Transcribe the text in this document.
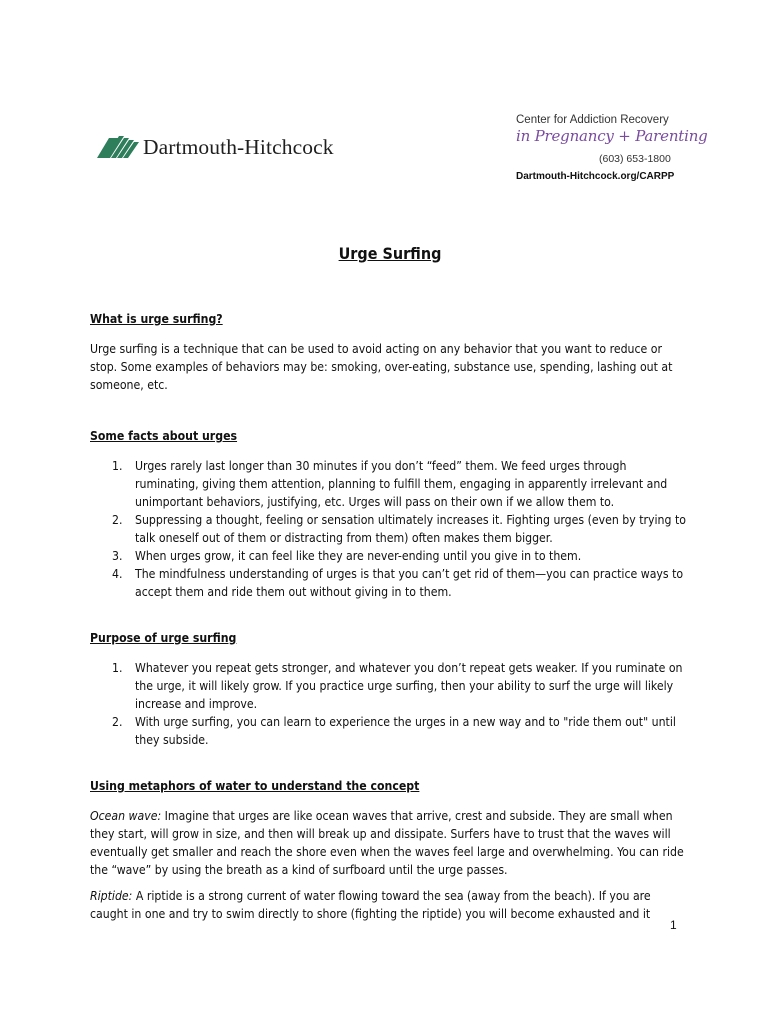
Dartmouth-Hitchcock
Center for Addiction Recovery
in Pregnancy + Parenting
(603) 653-1800
Dartmouth-Hitchcock.org/CARPP
Urge Surfing
What is urge surfing?

Urge surfing is a technique that can be used to avoid acting on any behavior that you want to reduce or stop. Some examples of behaviors may be: smoking, over-eating, substance use, spending, lashing out at someone, etc.

Some facts about urges
1. Urges rarely last longer than 30 minutes if you don’t “feed” them. We feed urges through ruminating, giving them attention, planning to fulfill them, engaging in apparently irrelevant and unimportant behaviors, justifying, etc. Urges will pass on their own if we allow them to.
2. Suppressing a thought, feeling or sensation ultimately increases it. Fighting urges (even by trying to talk oneself out of them or distracting from them) often makes them bigger.
3. When urges grow, it can feel like they are never-ending until you give in to them.
4. The mindfulness understanding of urges is that you can’t get rid of them—you can practice ways to accept them and ride them out without giving in to them.
Purpose of urge surfing
1. Whatever you repeat gets stronger, and whatever you don’t repeat gets weaker. If you ruminate on the urge, it will likely grow. If you practice urge surfing, then your ability to surf the urge will likely increase and improve.
2. With urge surfing, you can learn to experience the urges in a new way and to "ride them out" until they subside.
Using metaphors of water to understand the concept

Ocean wave: Imagine that urges are like ocean waves that arrive, crest and subside. They are small when they start, will grow in size, and then will break up and dissipate. Surfers have to trust that the waves will eventually get smaller and reach the shore even when the waves feel large and overwhelming. You can ride the “wave” by using the breath as a kind of surfboard until the urge passes.

Riptide: A riptide is a strong current of water flowing toward the sea (away from the beach). If you are caught in one and try to swim directly to shore (fighting the riptide) you will become exhausted and it

1
